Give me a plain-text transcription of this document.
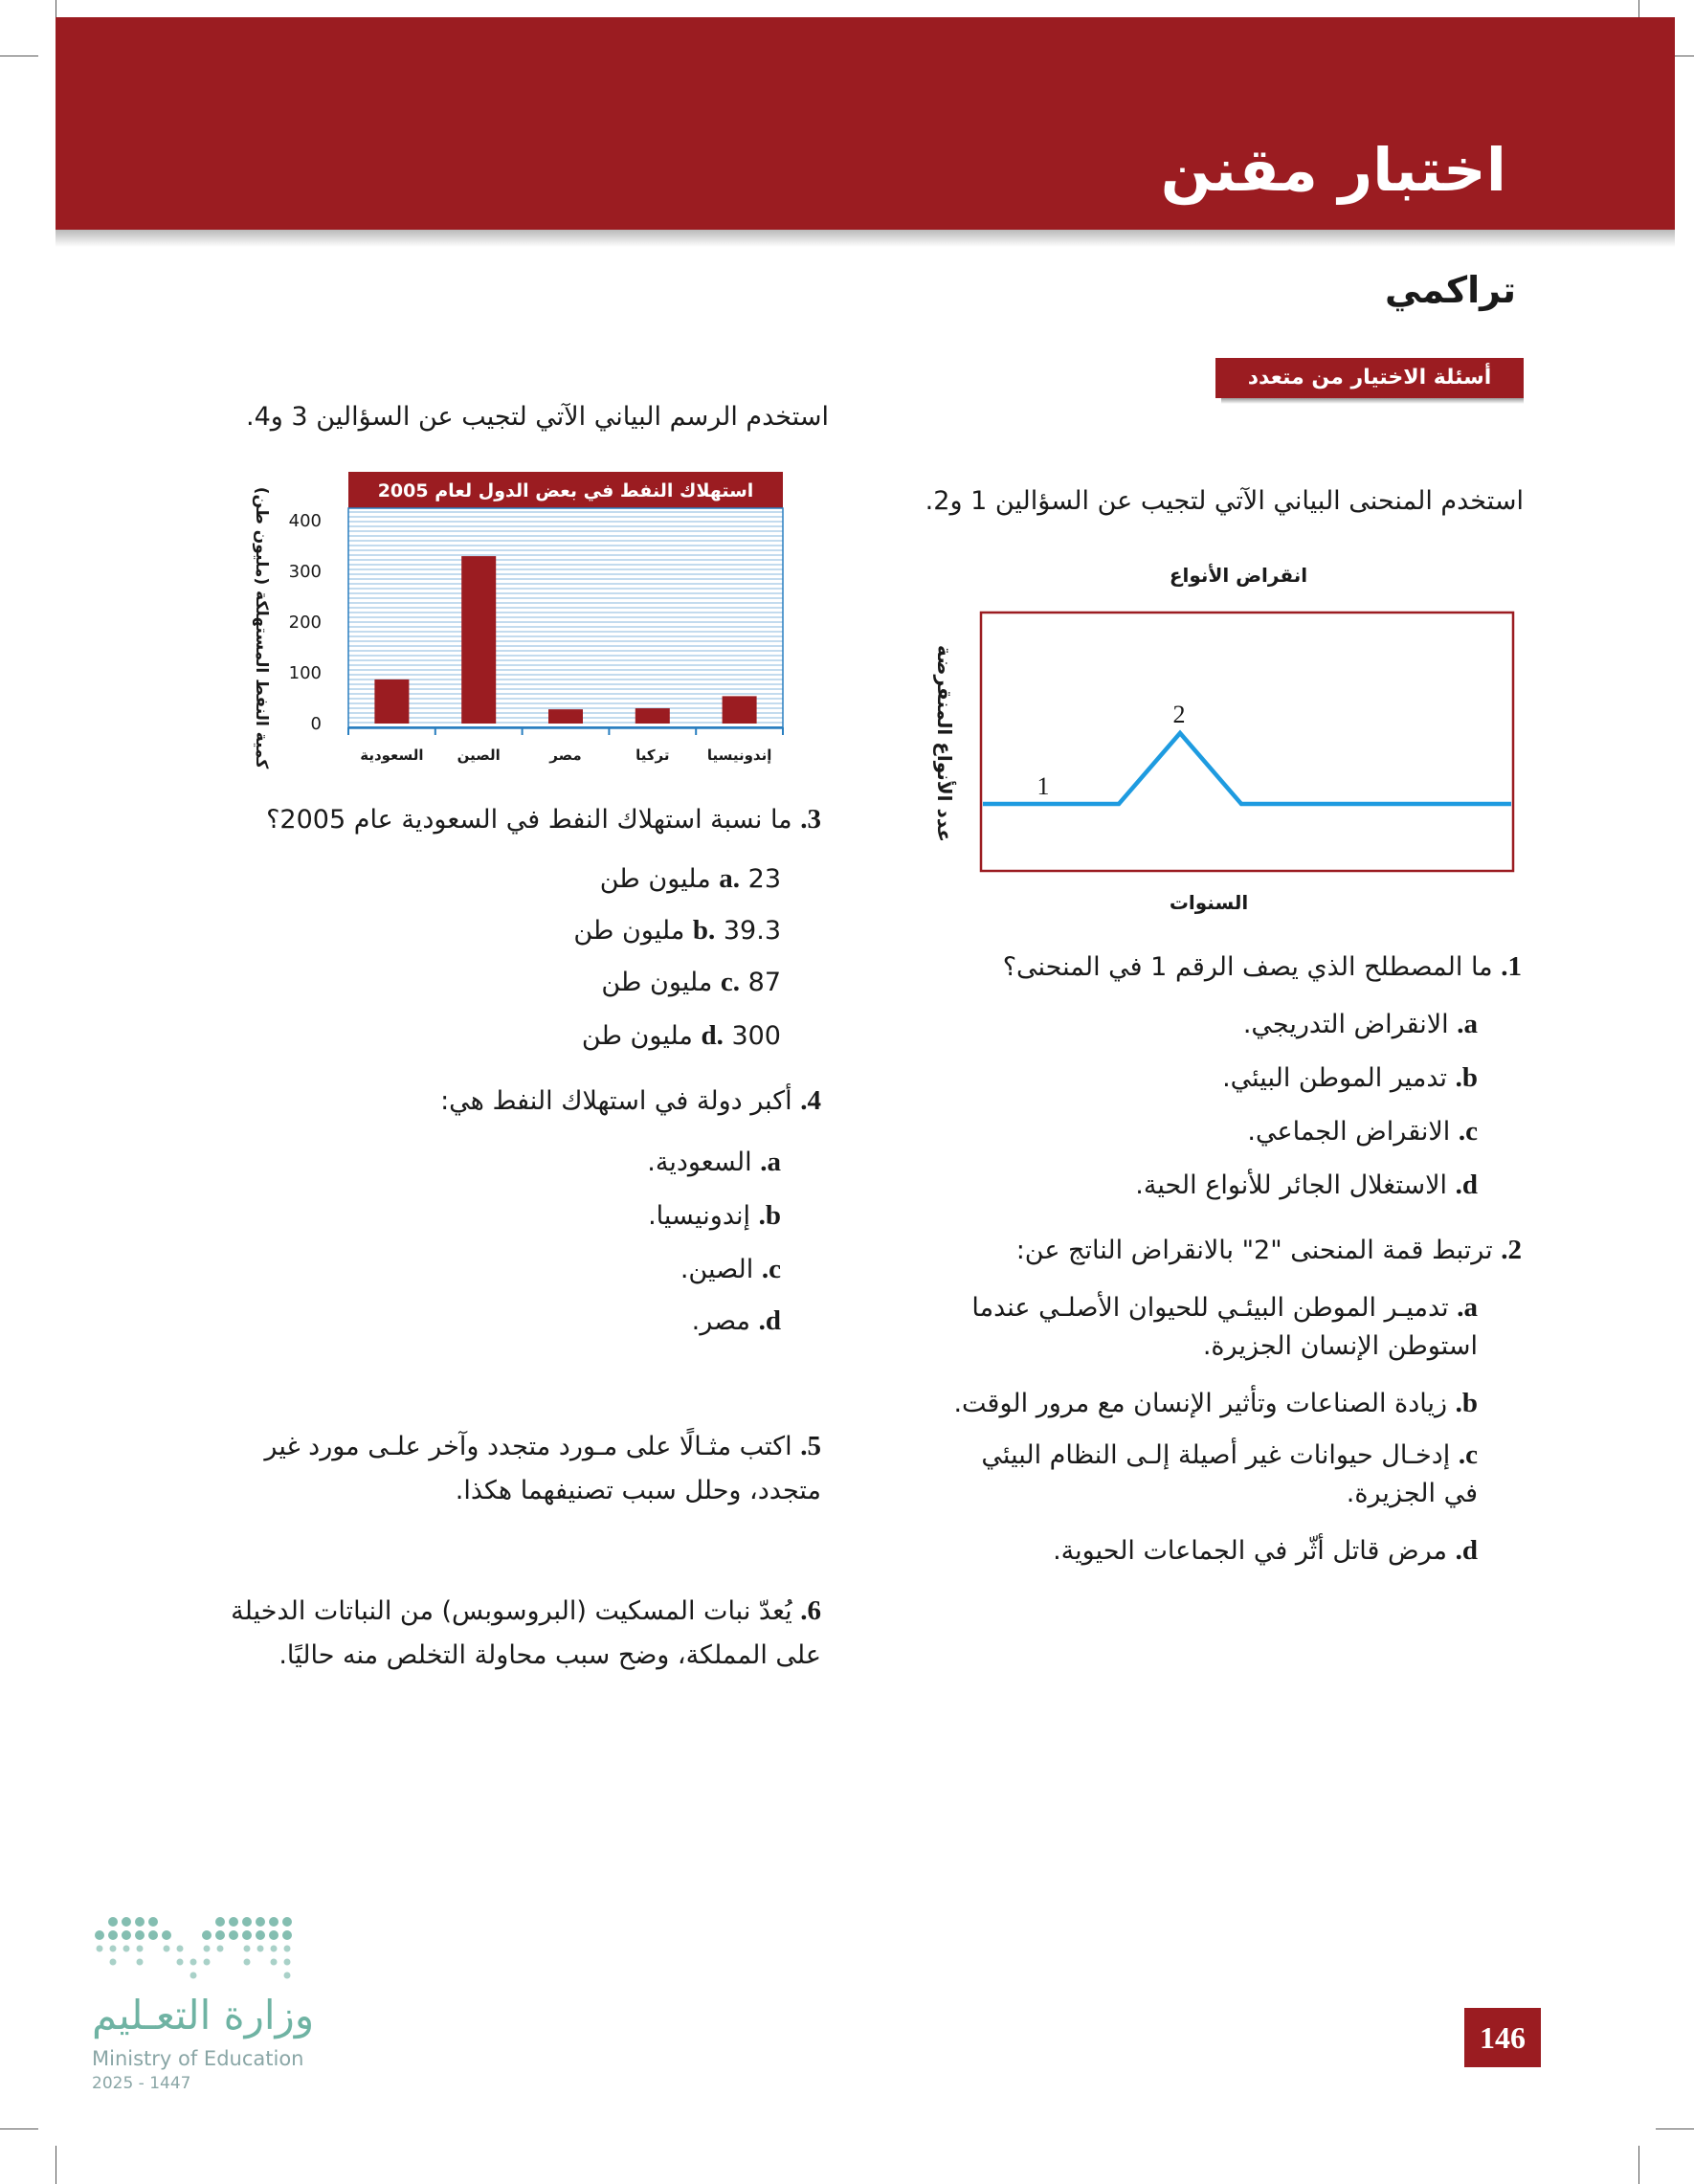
اختبار مقنن
تراكمي
أسئلة الاختيار من متعدد
استخدم المنحنى البياني الآتي لتجيب عن السؤالين 1 و2.
انقراض الأنواع
1
2
السنوات
عدد الأنواع المنقرضة
1. ما المصطلح الذي يصف الرقم 1 في المنحنى؟
a. الانقراض التدريجي.
b. تدمير الموطن البيئي.
c. الانقراض الجماعي.
d. الاستغلال الجائر للأنواع الحية.
2. ترتبط قمة المنحنى "2" بالانقراض الناتج عن:
a. تدميـر الموطن البيئـي للحيوان الأصلـي عندما استوطن الإنسان الجزيرة.
b. زيادة الصناعات وتأثير الإنسان مع مرور الوقت.
c. إدخـال حيوانات غير أصيلة إلـى النظام البيئي في الجزيرة.
d. مرض قاتل أثّر في الجماعات الحيوية.
استخدم الرسم البياني الآتي لتجيب عن السؤالين 3 و4.
استهلاك النفط في بعض الدول لعام 2005
0
100
200
300
400
السعودية الصين	مصر	تركيا	إندونيسيا
كمية النفط المستهلكة (مليون طن)
3. ما نسبة استهلاك النفط في السعودية عام 2005؟
a. 23 مليون طن
b. 39.3 مليون طن
c. 87 مليون طن
d. 300 مليون طن
4. أكبر دولة في استهلاك النفط هي:
a. السعودية.
b. إندونيسيا.
c. الصين.
d. مصر.
5. اكتب مثـالًا على مـورد متجدد وآخر علـى مورد غير متجدد، وحلل سبب تصنيفهما هكذا.
6. يُعدّ نبات المسكيت (البروسوبس) من النباتات الدخيلة على المملكة، وضح سبب محاولة التخلص منه حاليًا.
وزارة التعـليم
Ministry of Education
2025 - 1447
146
